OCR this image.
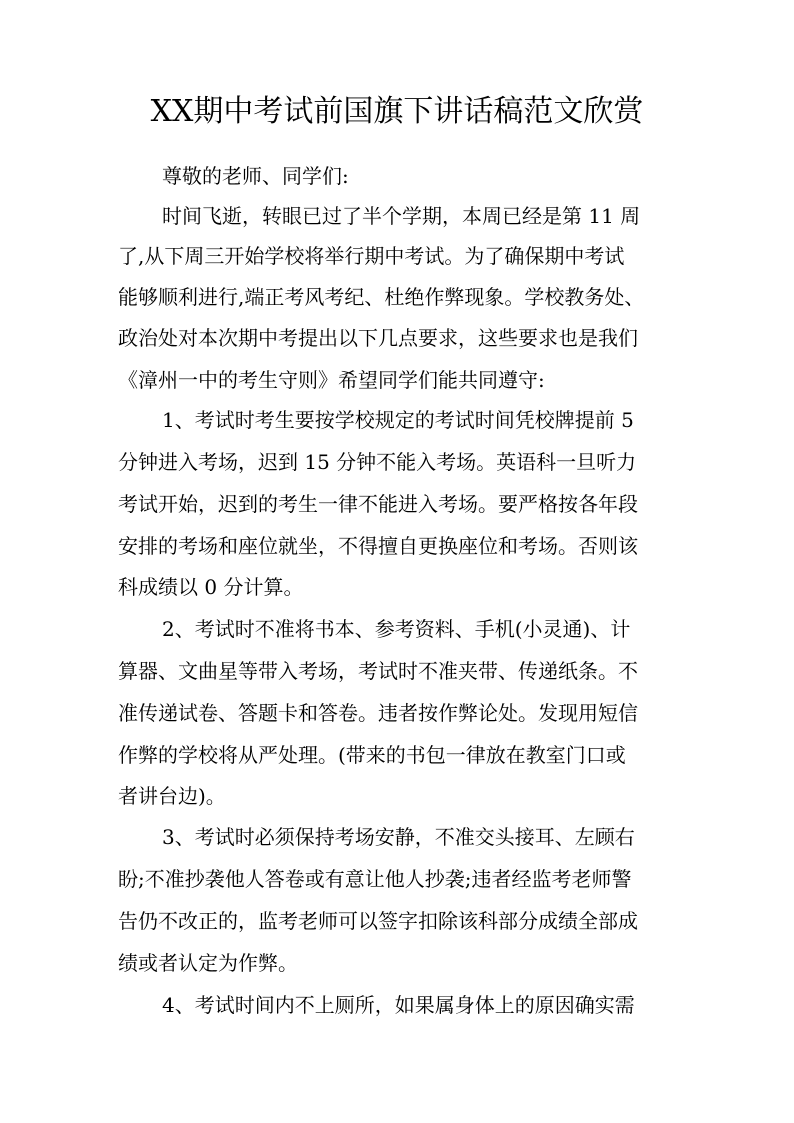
XX期中考试前国旗下讲话稿范文欣赏

尊敬的老师、同学们:

时间飞逝，转眼已过了半个学期，本周已经是第 11 周

了,从下周三开始学校将举行期中考试。为了确保期中考试

能够顺利进行,端正考风考纪、杜绝作弊现象。学校教务处、

政治处对本次期中考提出以下几点要求，这些要求也是我们

《漳州一中的考生守则》希望同学们能共同遵守:

1、考试时考生要按学校规定的考试时间凭校牌提前 5

分钟进入考场，迟到 15 分钟不能入考场。英语科一旦听力

考试开始，迟到的考生一律不能进入考场。要严格按各年段

安排的考场和座位就坐，不得擅自更换座位和考场。否则该

科成绩以 0 分计算。

2、考试时不准将书本、参考资料、手机(小灵通)、计

算器、文曲星等带入考场，考试时不准夹带、传递纸条。不

准传递试卷、答题卡和答卷。违者按作弊论处。发现用短信

作弊的学校将从严处理。(带来的书包一律放在教室门口或

者讲台边)。

3、考试时必须保持考场安静，不准交头接耳、左顾右

盼;不准抄袭他人答卷或有意让他人抄袭;违者经监考老师警

告仍不改正的，监考老师可以签字扣除该科部分成绩全部成

绩或者认定为作弊。

4、考试时间内不上厕所，如果属身体上的原因确实需
